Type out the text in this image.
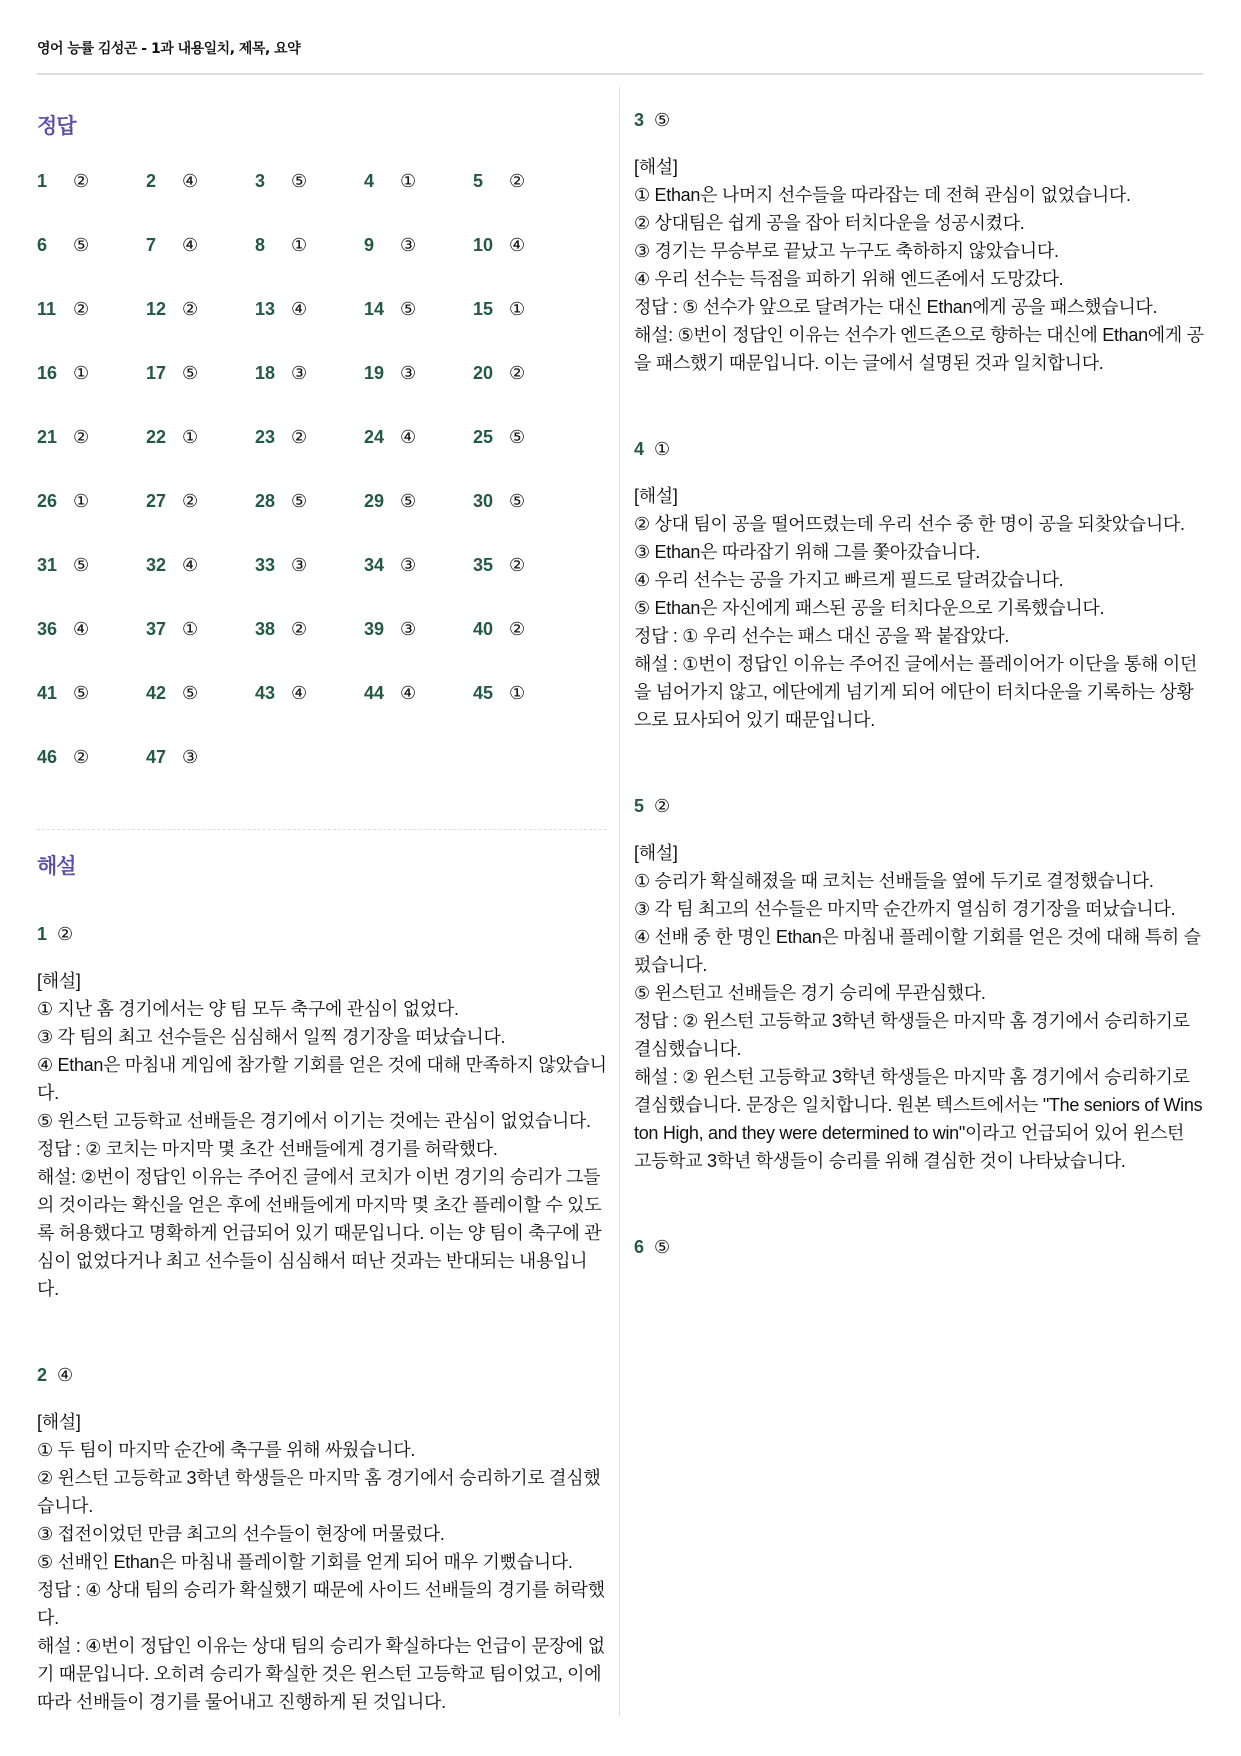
영어 능률 김성곤 - 1과 내용일치, 제목, 요약
정답
1	②	2	④	3	⑤	4	①	5	②
6	⑤	7	④	8	①	9	③	10 ④
11 ②	12 ②	13 ④	14 ⑤	15 ①
16 ①	17 ⑤	18 ③	19 ③	20 ②
21 ②	22 ①	23 ②	24 ④	25 ⑤
26 ①	27 ②	28 ⑤	29 ⑤	30 ⑤
31 ⑤	32 ④	33 ③	34 ③	35 ②
36 ④	37 ①	38 ②	39 ③	40 ②
41 ⑤	42 ⑤	43 ④	44 ④	45 ①
46 ②	47 ③
해설
1 ②
[해설]
① 지난 홈 경기에서는 양 팀 모두 축구에 관심이 없었다.
③ 각 팀의 최고 선수들은 심심해서 일찍 경기장을 떠났습니다.
④ Ethan은 마침내 게임에 참가할 기회를 얻은 것에 대해 만족하지 않았습니다.
⑤ 윈스턴 고등학교 선배들은 경기에서 이기는 것에는 관심이 없었습니다.
정답 : ② 코치는 마지막 몇 초간 선배들에게 경기를 허락했다.
해설: ②번이 정답인 이유는 주어진 글에서 코치가 이번 경기의 승리가 그들의 것이라는 확신을 얻은 후에 선배들에게 마지막 몇 초간 플레이할 수 있도록 허용했다고 명확하게 언급되어 있기 때문입니다. 이는 양 팀이 축구에 관심이 없었다거나 최고 선수들이 심심해서 떠난 것과는 반대되는 내용입니다.
2 ④
[해설]
① 두 팀이 마지막 순간에 축구를 위해 싸웠습니다.
② 윈스턴 고등학교 3학년 학생들은 마지막 홈 경기에서 승리하기로 결심했습니다.
③ 접전이었던 만큼 최고의 선수들이 현장에 머물렀다.
⑤ 선배인 Ethan은 마침내 플레이할 기회를 얻게 되어 매우 기뻤습니다.
정답 : ④ 상대 팀의 승리가 확실했기 때문에 사이드 선배들의 경기를 허락했다.
해설 : ④번이 정답인 이유는 상대 팀의 승리가 확실하다는 언급이 문장에 없기 때문입니다. 오히려 승리가 확실한 것은 윈스턴 고등학교 팀이었고, 이에 따라 선배들이 경기를 물어내고 진행하게 된 것입니다.
3 ⑤
[해설]
① Ethan은 나머지 선수들을 따라잡는 데 전혀 관심이 없었습니다.
② 상대팀은 쉽게 공을 잡아 터치다운을 성공시켰다.
③ 경기는 무승부로 끝났고 누구도 축하하지 않았습니다.
④ 우리 선수는 득점을 피하기 위해 엔드존에서 도망갔다.
정답 : ⑤ 선수가 앞으로 달려가는 대신 Ethan에게 공을 패스했습니다.
해설: ⑤번이 정답인 이유는 선수가 엔드존으로 향하는 대신에 Ethan에게 공을 패스했기 때문입니다. 이는 글에서 설명된 것과 일치합니다.
4 ①
[해설]
② 상대 팀이 공을 떨어뜨렸는데 우리 선수 중 한 명이 공을 되찾았습니다.
③ Ethan은 따라잡기 위해 그를 쫓아갔습니다.
④ 우리 선수는 공을 가지고 빠르게 필드로 달려갔습니다.
⑤ Ethan은 자신에게 패스된 공을 터치다운으로 기록했습니다.
정답 : ① 우리 선수는 패스 대신 공을 꽉 붙잡았다.
해설 : ①번이 정답인 이유는 주어진 글에서는 플레이어가 이단을 통해 이던을 넘어가지 않고, 에단에게 넘기게 되어 에단이 터치다운을 기록하는 상황으로 묘사되어 있기 때문입니다.
5 ②
[해설]
① 승리가 확실해졌을 때 코치는 선배들을 옆에 두기로 결정했습니다.
③ 각 팀 최고의 선수들은 마지막 순간까지 열심히 경기장을 떠났습니다.
④ 선배 중 한 명인 Ethan은 마침내 플레이할 기회를 얻은 것에 대해 특히 슬펐습니다.
⑤ 윈스턴고 선배들은 경기 승리에 무관심했다.
정답 : ② 윈스턴 고등학교 3학년 학생들은 마지막 홈 경기에서 승리하기로 결심했습니다.
해설 : ② 윈스턴 고등학교 3학년 학생들은 마지막 홈 경기에서 승리하기로 결심했습니다. 문장은 일치합니다. 원본 텍스트에서는 "The seniors of Winston High, and they were determined to win"이라고 언급되어 있어 윈스턴 고등학교 3학년 학생들이 승리를 위해 결심한 것이 나타났습니다.
6 ⑤
